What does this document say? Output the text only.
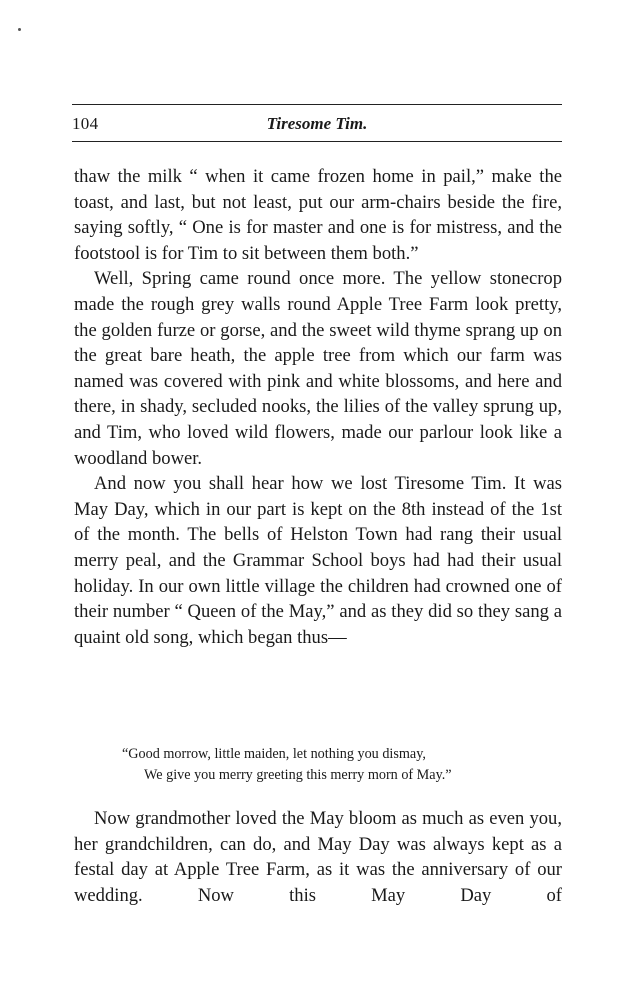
104	Tiresome Tim.

thaw the milk “ when it came frozen home in pail,” make the toast, and last, but not least, put our arm-chairs beside the fire, saying softly, “ One is for master and one is for mistress, and the footstool is for Tim to sit between them both.”

Well, Spring came round once more. The yellow stonecrop made the rough grey walls round Apple Tree Farm look pretty, the golden furze or gorse, and the sweet wild thyme sprang up on the great bare heath, the apple tree from which our farm was named was covered with pink and white blossoms, and here and there, in shady, secluded nooks, the lilies of the valley sprung up, and Tim, who loved wild flowers, made our parlour look like a woodland bower.

And now you shall hear how we lost Tiresome Tim. It was May Day, which in our part is kept on the 8th instead of the 1st of the month. The bells of Helston Town had rang their usual merry peal, and the Grammar School boys had had their usual holiday. In our own little village the children had crowned one of their number “ Queen of the May,” and as they did so they sang a quaint old song, which began thus—

“Good morrow, little maiden, let nothing you dismay,
We give you merry greeting this merry morn of May.”

Now grandmother loved the May bloom as much as even you, her grandchildren, can do, and May Day was always kept as a festal day at Apple Tree Farm, as it was the anniversary of our wedding. Now this May Day of
